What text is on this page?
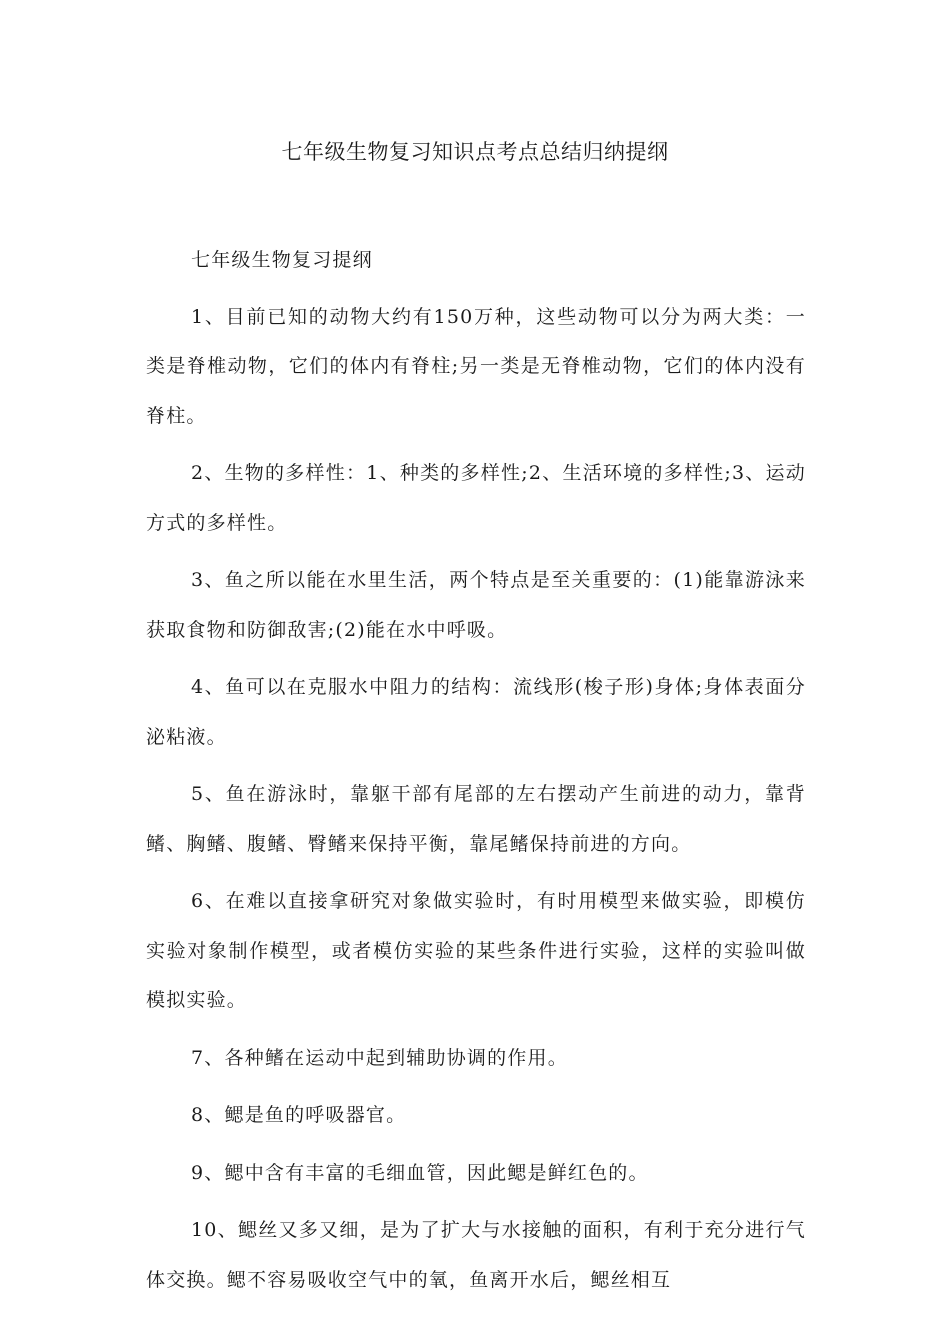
七年级生物复习知识点考点总结归纳提纲

七年级生物复习提纲

1、目前已知的动物大约有150万种，这些动物可以分为两大类：一类是脊椎动物，它们的体内有脊柱;另一类是无脊椎动物，它们的体内没有脊柱。

2、生物的多样性：1、种类的多样性;2、生活环境的多样性;3、运动方式的多样性。

3、鱼之所以能在水里生活，两个特点是至关重要的：(1)能靠游泳来获取食物和防御敌害;(2)能在水中呼吸。

4、鱼可以在克服水中阻力的结构：流线形(梭子形)身体;身体表面分泌粘液。

5、鱼在游泳时，靠躯干部有尾部的左右摆动产生前进的动力，靠背鳍、胸鳍、腹鳍、臀鳍来保持平衡，靠尾鳍保持前进的方向。

6、在难以直接拿研究对象做实验时，有时用模型来做实验，即模仿实验对象制作模型，或者模仿实验的某些条件进行实验，这样的实验叫做模拟实验。

7、各种鳍在运动中起到辅助协调的作用。

8、鳃是鱼的呼吸器官。

9、鳃中含有丰富的毛细血管，因此鳃是鲜红色的。

10、鳃丝又多又细，是为了扩大与水接触的面积，有利于充分进行气体交换。鳃不容易吸收空气中的氧，鱼离开水后，鳃丝相互
